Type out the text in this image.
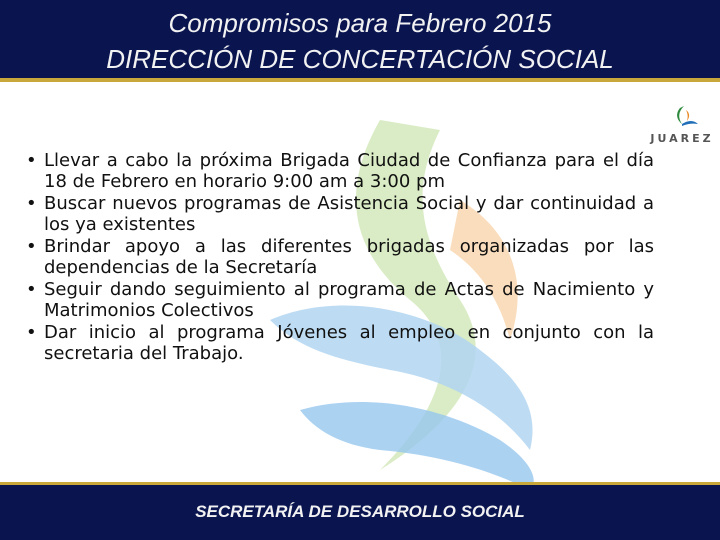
Compromisos para Febrero 2015
DIRECCIÓN DE CONCERTACIÓN SOCIAL
JUAREZ
• Llevar a cabo la próxima Brigada Ciudad de Confianza para el día 18 de Febrero en horario 9:00 am a 3:00 pm
• Buscar nuevos programas de Asistencia Social y dar continuidad a los ya existentes
• Brindar apoyo a las diferentes brigadas organizadas por las dependencias de la Secretaría
• Seguir dando seguimiento al programa de Actas de Nacimiento y Matrimonios Colectivos
• Dar inicio al programa Jóvenes al empleo en conjunto con la secretaria del Trabajo.
SECRETARÍA DE DESARROLLO SOCIAL
